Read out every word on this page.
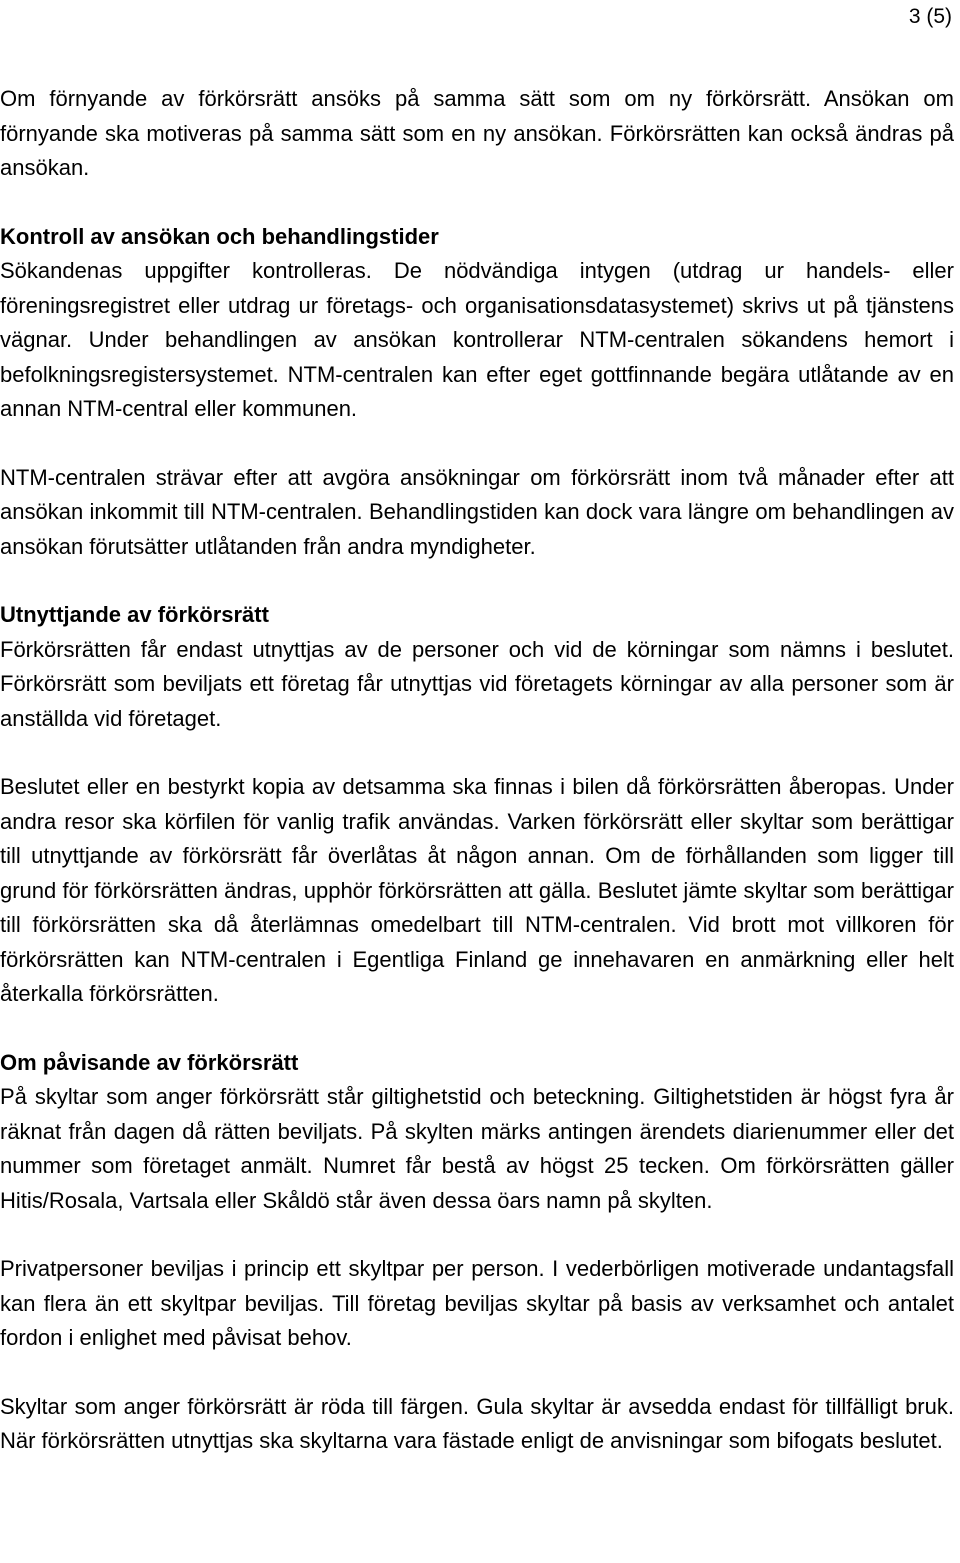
3 (5)

Om förnyande av förkörsrätt ansöks på samma sätt som om ny förkörsrätt. Ansökan om förnyande ska motiveras på samma sätt som en ny ansökan. Förkörsrätten kan också ändras på ansökan.

Kontroll av ansökan och behandlingstider
Sökandenas uppgifter kontrolleras. De nödvändiga intygen (utdrag ur handels- eller föreningsregistret eller utdrag ur företags- och organisationsdatasystemet) skrivs ut på tjänstens vägnar. Under behandlingen av ansökan kontrollerar NTM-centralen sökandens hemort i befolkningsregistersystemet. NTM-centralen kan efter eget gottfinnande begära utlåtande av en annan NTM-central eller kommunen.

NTM-centralen strävar efter att avgöra ansökningar om förkörsrätt inom två månader efter att ansökan inkommit till NTM-centralen. Behandlingstiden kan dock vara längre om behandlingen av ansökan förutsätter utlåtanden från andra myndigheter.

Utnyttjande av förkörsrätt
Förkörsrätten får endast utnyttjas av de personer och vid de körningar som nämns i beslutet. Förkörsrätt som beviljats ett företag får utnyttjas vid företagets körningar av alla personer som är anställda vid företaget.

Beslutet eller en bestyrkt kopia av detsamma ska finnas i bilen då förkörsrätten åberopas. Under andra resor ska körfilen för vanlig trafik användas. Varken förkörsrätt eller skyltar som berättigar till utnyttjande av förkörsrätt får överlåtas åt någon annan. Om de förhållanden som ligger till grund för förkörsrätten ändras, upphör förkörsrätten att gälla. Beslutet jämte skyltar som berättigar till förkörsrätten ska då återlämnas omedelbart till NTM-centralen. Vid brott mot villkoren för förkörsrätten kan NTM-centralen i Egentliga Finland ge innehavaren en anmärkning eller helt återkalla förkörsrätten.

Om påvisande av förkörsrätt
På skyltar som anger förkörsrätt står giltighetstid och beteckning. Giltighetstiden är högst fyra år räknat från dagen då rätten beviljats. På skylten märks antingen ärendets diarienummer eller det nummer som företaget anmält. Numret får bestå av högst 25 tecken. Om förkörsrätten gäller Hitis/Rosala, Vartsala eller Skåldö står även dessa öars namn på skylten.

Privatpersoner beviljas i princip ett skyltpar per person. I vederbörligen motiverade undantagsfall kan flera än ett skyltpar beviljas. Till företag beviljas skyltar på basis av verksamhet och antalet fordon i enlighet med påvisat behov.

Skyltar som anger förkörsrätt är röda till färgen. Gula skyltar är avsedda endast för tillfälligt bruk. När förkörsrätten utnyttjas ska skyltarna vara fästade enligt de anvisningar som bifogats beslutet.
